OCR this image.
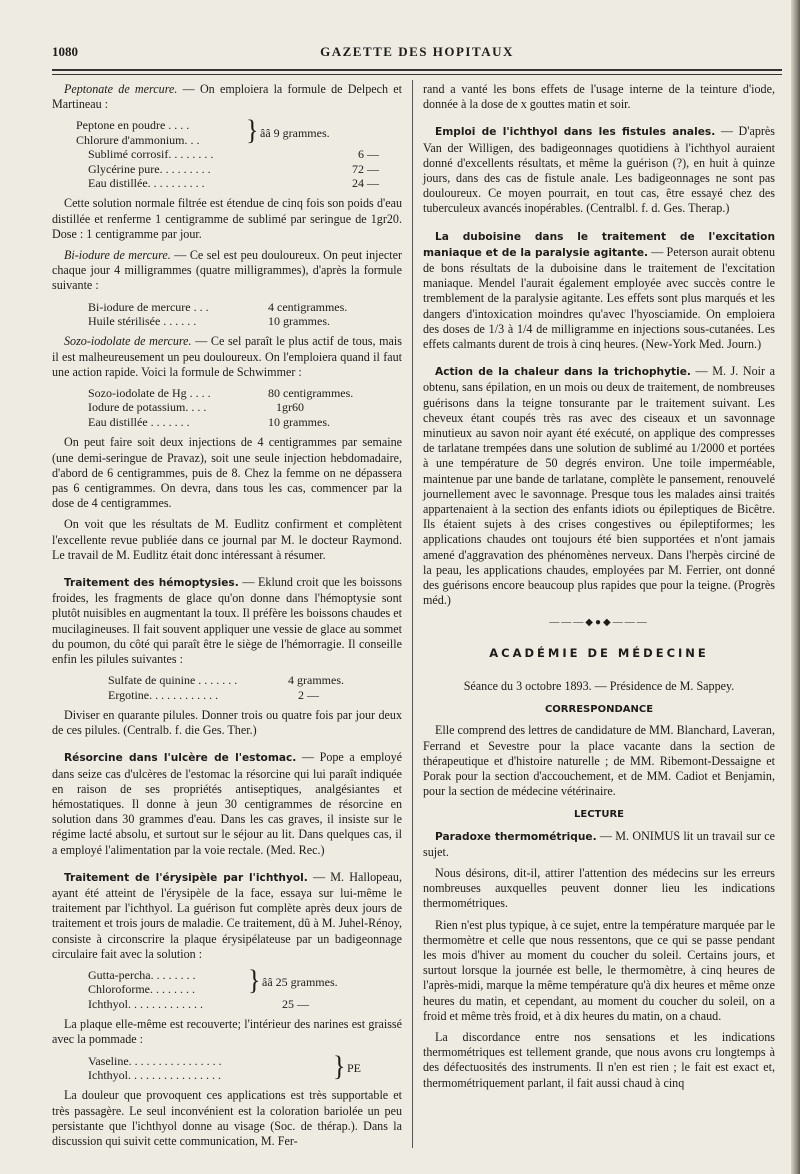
1080	GAZETTE DES HOPITAUX

Peptonate de mercure. — On emploiera la formule de Delpech et Martineau :

Peptone en poudre . . . .	} ââ 9 grammes.
Chlorure d'ammonium. . .
Sublimé corrosif. . . . . . . .	6 —
Glycérine pure. . . . . . . . .	72 —
Eau distillée. . . . . . . . . .	24 —

Cette solution normale filtrée est étendue de cinq fois son poids d'eau distillée et renferme 1 centigramme de sublimé par seringue de 1gr20. Dose : 1 centigramme par jour.

Bi-iodure de mercure. — Ce sel est peu douloureux. On peut injecter chaque jour 4 milligrammes (quatre milligrammes), d'après la formule suivante :

Bi-iodure de mercure . . .	4 centigrammes.
Huile stérilisée . . . . . .	10 grammes.

Sozo-iodolate de mercure. — Ce sel paraît le plus actif de tous, mais il est malheureusement un peu douloureux. On l'emploiera quand il faut une action rapide. Voici la formule de Schwimmer :

Sozo-iodolate de Hg . . . .	80 centigrammes.
Iodure de potassium. . . .	1gr60
Eau distillée . . . . . . .	10 grammes.

On peut faire soit deux injections de 4 centigrammes par semaine (une demi-seringue de Pravaz), soit une seule injection hebdomadaire, d'abord de 6 centigrammes, puis de 8. Chez la femme on ne dépassera pas 6 centigrammes. On devra, dans tous les cas, commencer par la dose de 4 centigrammes.

On voit que les résultats de M. Eudlitz confirment et complètent l'excellente revue publiée dans ce journal par M. le docteur Raymond. Le travail de M. Eudlitz était donc intéressant à résumer.

Traitement des hémoptysies. — Eklund croit que les boissons froides, les fragments de glace qu'on donne dans l'hémoptysie sont plutôt nuisibles en augmentant la toux. Il préfère les boissons chaudes et mucilagineuses. Il fait souvent appliquer une vessie de glace au sommet du poumon, du côté qui paraît être le siège de l'hémorragie. Il conseille enfin les pilules suivantes :

Sulfate de quinine . . . . . . .	4 grammes.
Ergotine. . . . . . . . . . . .	2 —

Diviser en quarante pilules. Donner trois ou quatre fois par jour deux de ces pilules. (Centralb. f. die Ges. Ther.)

Résorcine dans l'ulcère de l'estomac. — Pope a employé dans seize cas d'ulcères de l'estomac la résorcine qui lui paraît indiquée en raison de ses propriétés antiseptiques, analgésiantes et hémostatiques. Il donne à jeun 30 centigrammes de résorcine en solution dans 30 grammes d'eau. Dans les cas graves, il insiste sur le régime lacté absolu, et surtout sur le séjour au lit. Dans quelques cas, il a employé l'alimentation par la voie rectale. (Med. Rec.)

Traitement de l'érysipèle par l'ichthyol. — M. Hallopeau, ayant été atteint de l'érysipèle de la face, essaya sur lui-même le traitement par l'ichthyol. La guérison fut complète après deux jours de traitement et trois jours de maladie. Ce traitement, dû à M. Juhel-Rénoy, consiste à circonscrire la plaque érysipélateuse par un badigeonnage circulaire fait avec la solution :

Gutta-percha. . . . . . . .	} ââ 25 grammes.
Chloroforme. . . . . . . .
Ichthyol. . . . . . . . . . . . .	25 —

La plaque elle-même est recouverte; l'intérieur des narines est graissé avec la pommade :

Vaseline. . . . . . . . . . . . . . . .	} PE
Ichthyol. . . . . . . . . . . . . . . .

La douleur que provoquent ces applications est très supportable et très passagère. Le seul inconvénient est la coloration bariolée un peu persistante que l'ichthyol donne au visage (Soc. de thérap.). Dans la discussion qui suivit cette communication, M. Fer-

rand a vanté les bons effets de l'usage interne de la teinture d'iode, donnée à la dose de x gouttes matin et soir.

Emploi de l'ichthyol dans les fistules anales. — D'après Van der Willigen, des badigeonnages quotidiens à l'ichthyol auraient donné d'excellents résultats, et même la guérison (?), en huit à quinze jours, dans des cas de fistule anale. Les badigeonnages ne sont pas douloureux. Ce moyen pourrait, en tout cas, être essayé chez des tuberculeux avancés inopérables. (Centralbl. f. d. Ges. Therap.)

La duboisine dans le traitement de l'excitation maniaque et de la paralysie agitante. — Peterson aurait obtenu de bons résultats de la duboisine dans le traitement de l'excitation maniaque. Mendel l'aurait également employée avec succès contre le tremblement de la paralysie agitante. Les effets sont plus marqués et les dangers d'intoxication moindres qu'avec l'hyosciamide. On emploiera des doses de 1/3 à 1/4 de milligramme en injections sous-cutanées. Les effets calmants durent de trois à cinq heures. (New-York Med. Journ.)

Action de la chaleur dans la trichophytie. — M. J. Noir a obtenu, sans épilation, en un mois ou deux de traitement, de nombreuses guérisons dans la teigne tonsurante par le traitement suivant. Les cheveux étant coupés très ras avec des ciseaux et un savonnage minutieux au savon noir ayant été exécuté, on applique des compresses de tarlatane trempées dans une solution de sublimé au 1/2000 et portées à une température de 50 degrés environ. Une toile imperméable, maintenue par une bande de tarlatane, complète le pansement, renouvelé journellement avec le savonnage. Presque tous les malades ainsi traités appartenaient à la section des enfants idiots ou épileptiques de Bicêtre. Ils étaient sujets à des crises congestives ou épileptiformes; les applications chaudes ont toujours été bien supportées et n'ont jamais amené d'aggravation des phénomènes nerveux. Dans l'herpès circiné de la peau, les applications chaudes, employées par M. Ferrier, ont donné des guérisons encore beaucoup plus rapides que pour la teigne. (Progrès méd.)

———◆●◆———
ACADÉMIE DE MÉDECINE

Séance du 3 octobre 1893. — Présidence de M. Sappey.

CORRESPONDANCE

Elle comprend des lettres de candidature de MM. Blanchard, Laveran, Ferrand et Sevestre pour la place vacante dans la section de thérapeutique et d'histoire naturelle ; de MM. Ribemont-Dessaigne et Porak pour la section d'accouchement, et de MM. Cadiot et Benjamin, pour la section de médecine vétérinaire.

LECTURE

Paradoxe thermométrique. — M. ONIMUS lit un travail sur ce sujet.

Nous désirons, dit-il, attirer l'attention des médecins sur les erreurs nombreuses auxquelles peuvent donner lieu les indications thermométriques.

Rien n'est plus typique, à ce sujet, entre la température marquée par le thermomètre et celle que nous ressentons, que ce qui se passe pendant les mois d'hiver au moment du coucher du soleil. Certains jours, et surtout lorsque la journée est belle, le thermomètre, à cinq heures de l'après-midi, marque la même température qu'à dix heures et même onze heures du matin, et cependant, au moment du coucher du soleil, on a froid et même très froid, et à dix heures du matin, on a chaud.

La discordance entre nos sensations et les indications thermométriques est tellement grande, que nous avons cru longtemps à des défectuosités des instruments. Il n'en est rien ; le fait est exact et, thermométriquement parlant, il fait aussi chaud à cinq
